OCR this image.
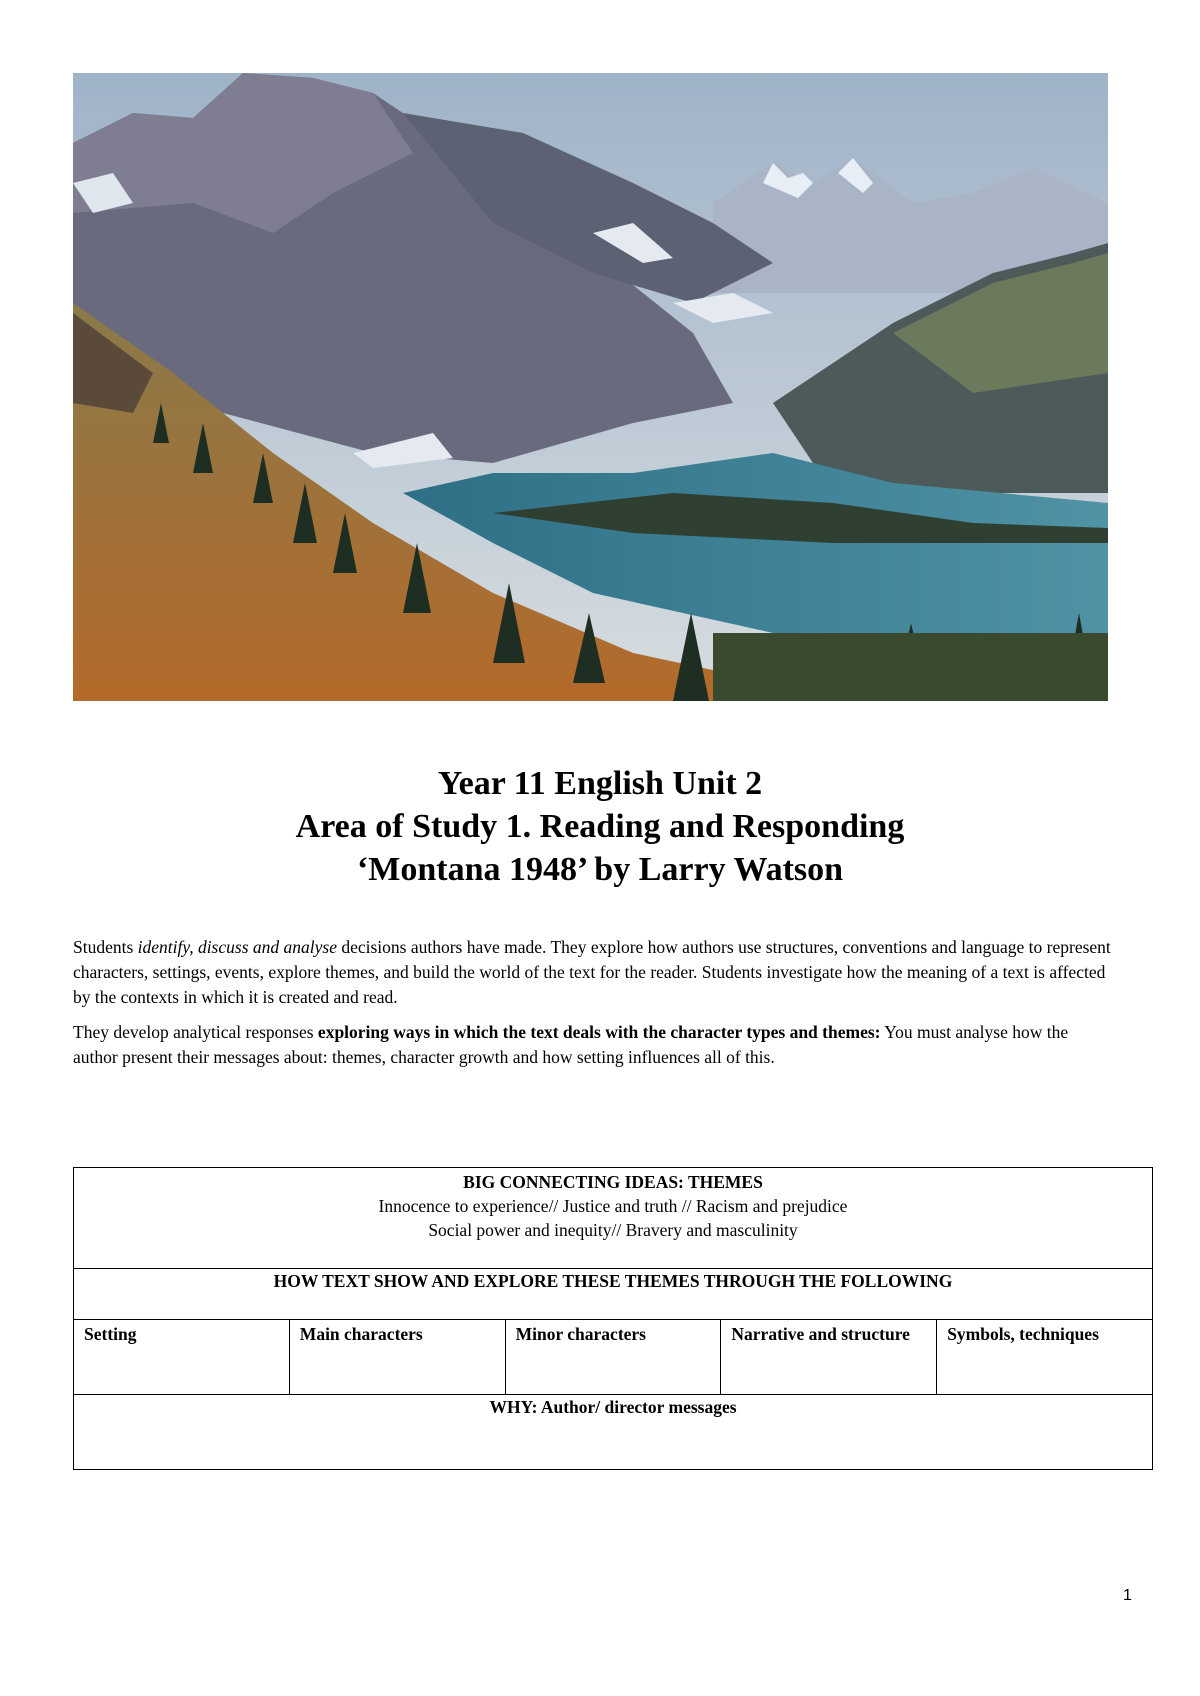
Year 11 English Unit 2
Area of Study 1. Reading and Responding
‘Montana 1948’ by Larry Watson

Students identify, discuss and analyse decisions authors have made. They explore how authors use structures, conventions and language to represent characters, settings, events, explore themes, and build the world of the text for the reader. Students investigate how the meaning of a text is affected by the contexts in which it is created and read.

They develop analytical responses exploring ways in which the text deals with the character types and themes: You must analyse how the author present their messages about: themes, character growth and how setting influences all of this.

BIG CONNECTING IDEAS: THEMES
Innocence to experience// Justice and truth // Racism and prejudice
Social power and inequity// Bravery and masculinity

HOW TEXT SHOW AND EXPLORE THESE THEMES THROUGH THE FOLLOWING
Setting	Main characters	Minor characters	Narrative and structure	Symbols, techniques
WHY: Author/ director messages
1
